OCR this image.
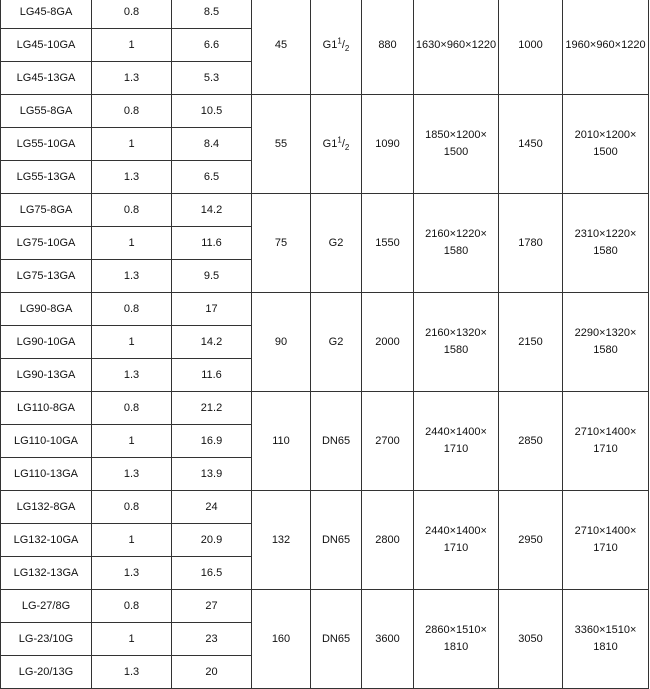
LG45-8GA	0.8	8.5	45	$G1^1/_2$	880	1630×960×1220	1000	1960×960×1220
LG45-10GA	1	6.6						
LG45-13GA	1.3	5.3						
LG55-8GA	0.8	10.5	55	$G1^1/_2$	1090	1850×1200× 1500	1450	2010×1200× 1500
LG55-10GA	1	8.4						
LG55-13GA	1.3	6.5						
LG75-8GA	0.8	14.2	75	G2	1550	2160×1220× 1580	1780	2310×1220× 1580
LG75-10GA	1	11.6						
LG75-13GA	1.3	9.5						
LG90-8GA	0.8	17	90	G2	2000	2160×1320× 1580	2150	2290×1320× 1580
LG90-10GA	1	14.2						
LG90-13GA	1.3	11.6						
LG110-8GA	0.8	21.2	110	DN65	2700	2440×1400× 1710	2850	2710×1400× 1710
LG110-10GA	1	16.9						
LG110-13GA	1.3	13.9						
LG132-8GA	0.8	24	132	DN65	2800	2440×1400× 1710	2950	2710×1400× 1710
LG132-10GA	1	20.9						
LG132-13GA	1.3	16.5						
LG-27/8G	0.8	27	160	DN65	3600	2860×1510× 1810	3050	3360×1510× 1810
LG-23/10G	1	23						
LG-20/13G	1.3	20						
